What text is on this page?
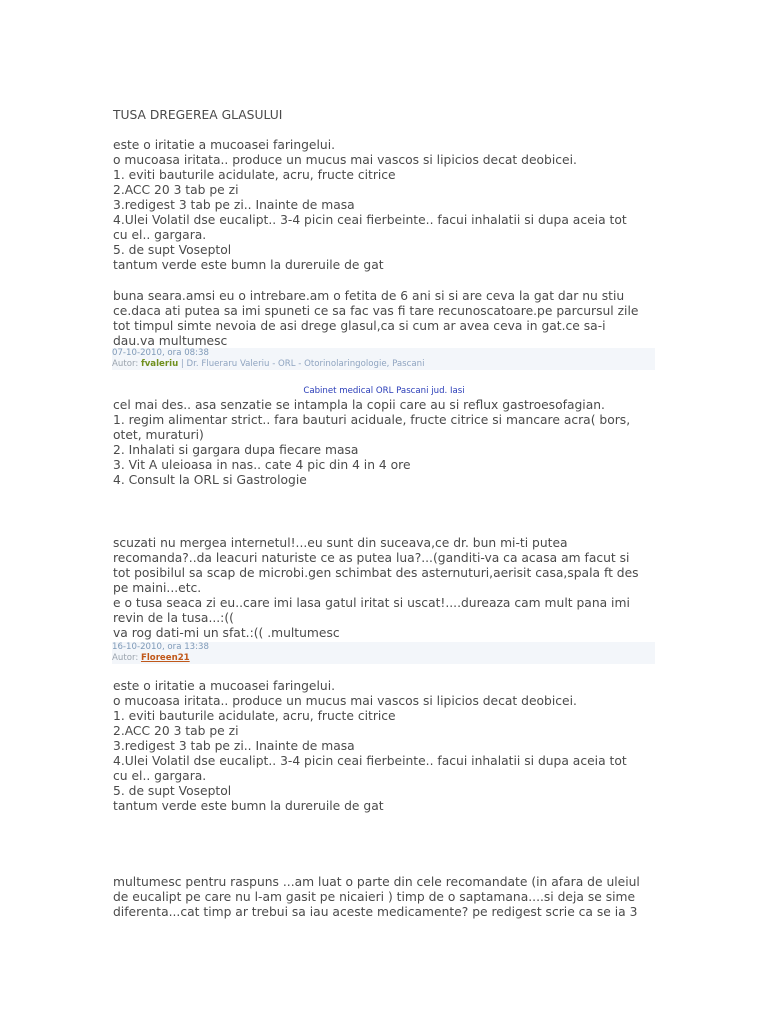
TUSA DREGEREA GLASULUI

este o iritatie a mucoasei faringelui.

o mucoasa iritata.. produce un mucus mai vascos si lipicios decat deobicei.

1. eviti bauturile acidulate, acru, fructe citrice

2.ACC 20 3 tab pe zi

3.redigest 3 tab pe zi.. Inainte de masa

4.Ulei Volatil dse eucalipt.. 3-4 picin ceai fierbeinte.. facui inhalatii si dupa aceia tot

cu el.. gargara.

5. de supt Voseptol

tantum verde este bumn la dureruile de gat

buna seara.amsi eu o intrebare.am o fetita de 6 ani si si are ceva la gat dar nu stiu

ce.daca ati putea sa imi spuneti ce sa fac vas fi tare recunoscatoare.pe parcursul zile

tot timpul simte nevoia de asi drege glasul,ca si cum ar avea ceva in gat.ce sa-i

dau.va multumesc

07-10-2010, ora 08:38
Autor: fvaleriu | Dr. Flueraru Valeriu - ORL - Otorinolaringologie, Pascani
Cabinet medical ORL Pascani jud. Iasi

cel mai des.. asa senzatie se intampla la copii care au si reflux gastroesofagian.

1. regim alimentar strict.. fara bauturi aciduale, fructe citrice si mancare acra( bors,

otet, muraturi)

2. Inhalati si gargara dupa fiecare masa

3. Vit A uleioasa in nas.. cate 4 pic din 4 in 4 ore

4. Consult la ORL si Gastrologie

scuzati nu mergea internetul!...eu sunt din suceava,ce dr. bun mi-ti putea

recomanda?..da leacuri naturiste ce as putea lua?...(ganditi-va ca acasa am facut si

tot posibilul sa scap de microbi.gen schimbat des asternuturi,aerisit casa,spala ft des

pe maini...etc.

e o tusa seaca zi eu..care imi lasa gatul iritat si uscat!....dureaza cam mult pana imi

revin de la tusa...:((

va rog dati-mi un sfat.:(( .multumesc

16-10-2010, ora 13:38
Autor: Floreen21

este o iritatie a mucoasei faringelui.

o mucoasa iritata.. produce un mucus mai vascos si lipicios decat deobicei.

1. eviti bauturile acidulate, acru, fructe citrice

2.ACC 20 3 tab pe zi

3.redigest 3 tab pe zi.. Inainte de masa

4.Ulei Volatil dse eucalipt.. 3-4 picin ceai fierbeinte.. facui inhalatii si dupa aceia tot

cu el.. gargara.

5. de supt Voseptol

tantum verde este bumn la dureruile de gat

multumesc pentru raspuns ...am luat o parte din cele recomandate (in afara de uleiul

de eucalipt pe care nu l-am gasit pe nicaieri ) timp de o saptamana....si deja se sime

diferenta...cat timp ar trebui sa iau aceste medicamente? pe redigest scrie ca se ia 3
